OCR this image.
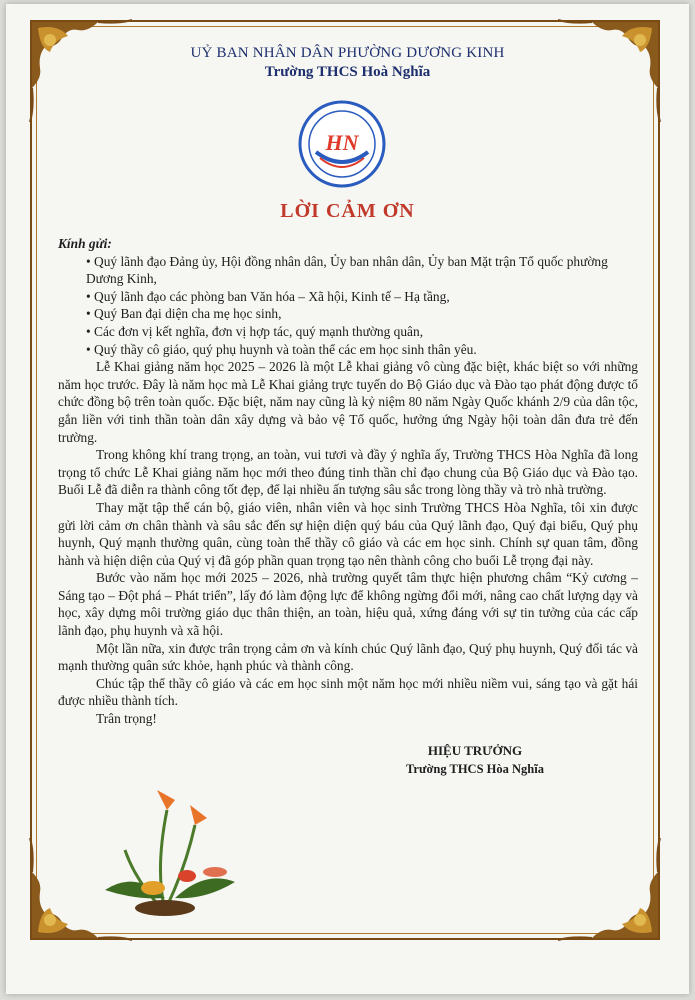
UỶ BAN NHÂN DÂN PHƯỜNG DƯƠNG KINH
Trường THCS Hoà Nghĩa
HN
LỜI CẢM ƠN

Kính gửi:

• Quý lãnh đạo Đảng ủy, Hội đồng nhân dân, Ủy ban nhân dân, Ủy ban Mặt trận Tổ quốc phường Dương Kinh,

• Quý lãnh đạo các phòng ban Văn hóa – Xã hội, Kinh tế – Hạ tầng,

• Quý Ban đại diện cha mẹ học sinh,

• Các đơn vị kết nghĩa, đơn vị hợp tác, quý mạnh thường quân,

• Quý thầy cô giáo, quý phụ huynh và toàn thể các em học sinh thân yêu.

Lễ Khai giảng năm học 2025 – 2026 là một Lễ khai giảng vô cùng đặc biệt, khác biệt so với những năm học trước. Đây là năm học mà Lễ Khai giảng trực tuyến do Bộ Giáo dục và Đào tạo phát động được tổ chức đồng bộ trên toàn quốc. Đặc biệt, năm nay cũng là kỷ niệm 80 năm Ngày Quốc khánh 2/9 của dân tộc, gắn liền với tinh thần toàn dân xây dựng và bảo vệ Tổ quốc, hưởng ứng Ngày hội toàn dân đưa trẻ đến trường.

Trong không khí trang trọng, an toàn, vui tươi và đầy ý nghĩa ấy, Trường THCS Hòa Nghĩa đã long trọng tổ chức Lễ Khai giảng năm học mới theo đúng tinh thần chỉ đạo chung của Bộ Giáo dục và Đào tạo. Buổi Lễ đã diễn ra thành công tốt đẹp, để lại nhiều ấn tượng sâu sắc trong lòng thầy và trò nhà trường.

Thay mặt tập thể cán bộ, giáo viên, nhân viên và học sinh Trường THCS Hòa Nghĩa, tôi xin được gửi lời cảm ơn chân thành và sâu sắc đến sự hiện diện quý báu của Quý lãnh đạo, Quý đại biểu, Quý phụ huynh, Quý mạnh thường quân, cùng toàn thể thầy cô giáo và các em học sinh. Chính sự quan tâm, đồng hành và hiện diện của Quý vị đã góp phần quan trọng tạo nên thành công cho buổi Lễ trọng đại này.

Bước vào năm học mới 2025 – 2026, nhà trường quyết tâm thực hiện phương châm “Kỷ cương – Sáng tạo – Đột phá – Phát triển”, lấy đó làm động lực để không ngừng đổi mới, nâng cao chất lượng dạy và học, xây dựng môi trường giáo dục thân thiện, an toàn, hiệu quả, xứng đáng với sự tin tưởng của các cấp lãnh đạo, phụ huynh và xã hội.

Một lần nữa, xin được trân trọng cảm ơn và kính chúc Quý lãnh đạo, Quý phụ huynh, Quý đối tác và mạnh thường quân sức khỏe, hạnh phúc và thành công.

Chúc tập thể thầy cô giáo và các em học sinh một năm học mới nhiều niềm vui, sáng tạo và gặt hái được nhiều thành tích.

Trân trọng!

HIỆU TRƯỞNG
Trường THCS Hòa Nghĩa
